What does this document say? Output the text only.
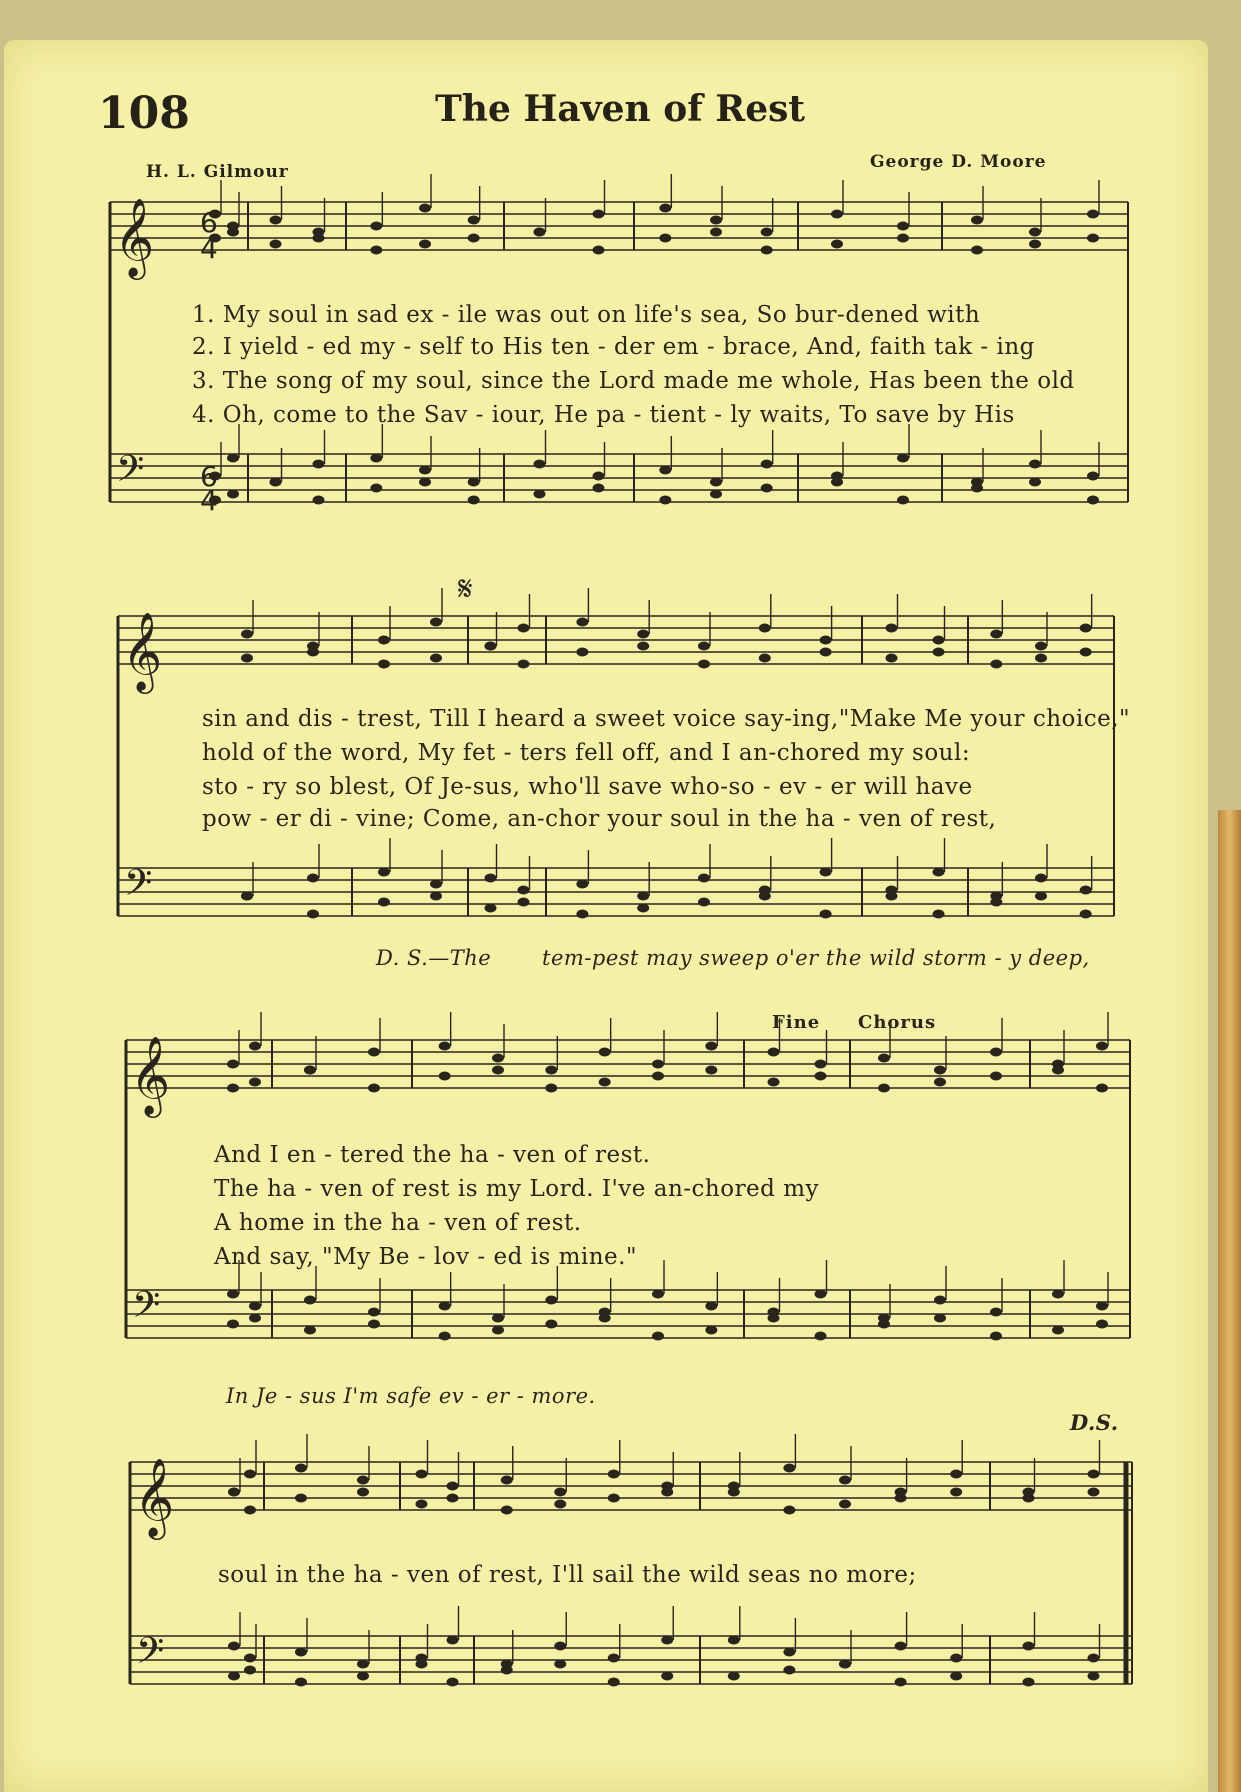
108	The Haven of Rest
H. L. Gilmour	George D. Moore
𝄞
𝄢
𝄞
𝄢
𝄞
𝄢
𝄞
𝄢
6
4
6
4
𝄋
1. My soul in sad ex - ile was out on life's sea, So bur-dened with
2. I yield - ed my - self to His ten - der em - brace, And, faith tak - ing
3. The song of my soul, since the Lord made me whole, Has been the old
4. Oh, come to the Sav - iour, He pa - tient - ly waits, To save by His
sin and dis - trest, Till I heard a sweet voice say-ing,"Make Me your choice,"
hold of the word, My fet - ters fell off, and I an-chored my soul:
sto - ry so blest, Of Je-sus, who'll save who-so - ev - er will have
pow - er di - vine; Come, an-chor your soul in the ha - ven of rest,
D. S.—The tem-pest may sweep o'er the wild storm - y deep,
Fine Chorus
And I en - tered the ha - ven of rest.
The ha - ven of rest is my Lord. I've an-chored my
A home in the ha - ven of rest.
And say, "My Be - lov - ed is mine."
In Je - sus I'm safe ev - er - more.
D.S.
soul in the ha - ven of rest, I'll sail the wild seas no more;
